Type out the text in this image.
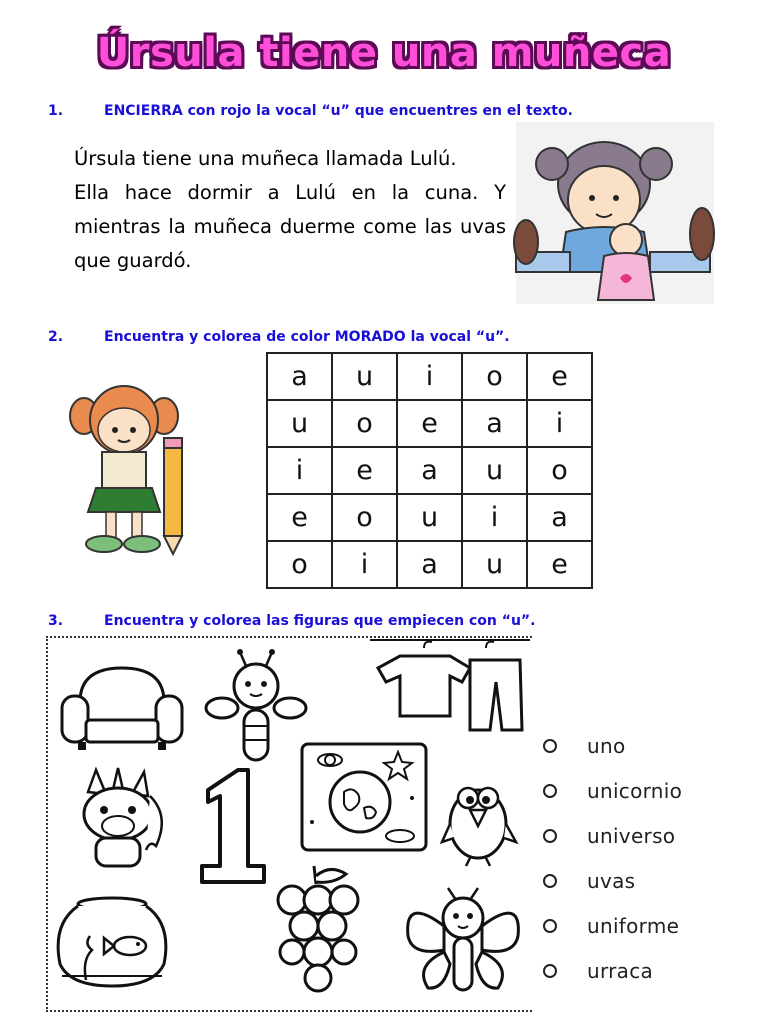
Úrsula tiene una muñeca
1.	ENCIERRA con rojo la vocal “u” que encuentres en el texto.

Úrsula tiene una muñeca llamada Lulú.

Ella hace dormir a Lulú en la cuna. Y mientras la muñeca duerme come las uvas que guardó.

2.	Encuentra y colorea de color MORADO la vocal “u”.
a	u	i	o	e
u	o	e	a	i
i	e	a	u	o
e	o	u	i	a
o	i	a	u	e
3.	Encuentra y colorea las figuras que empiecen con “u”.
uno
unicornio
universo
uvas
uniforme
urraca
